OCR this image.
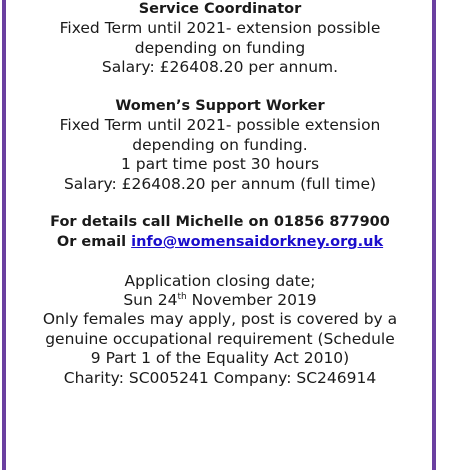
Service Coordinator
Fixed Term until 2021- extension possible
depending on funding
Salary: £26408.20 per annum.
Women’s Support Worker
Fixed Term until 2021- possible extension
depending on funding.
1 part time post 30 hours
Salary: £26408.20 per annum (full time)
For details call Michelle on 01856 877900
Or email info@womensaidorkney.org.uk
Application closing date;
Sun 24th November 2019
Only females may apply, post is covered by a
genuine occupational requirement (Schedule
9 Part 1 of the Equality Act 2010)
Charity: SC005241 Company: SC246914
